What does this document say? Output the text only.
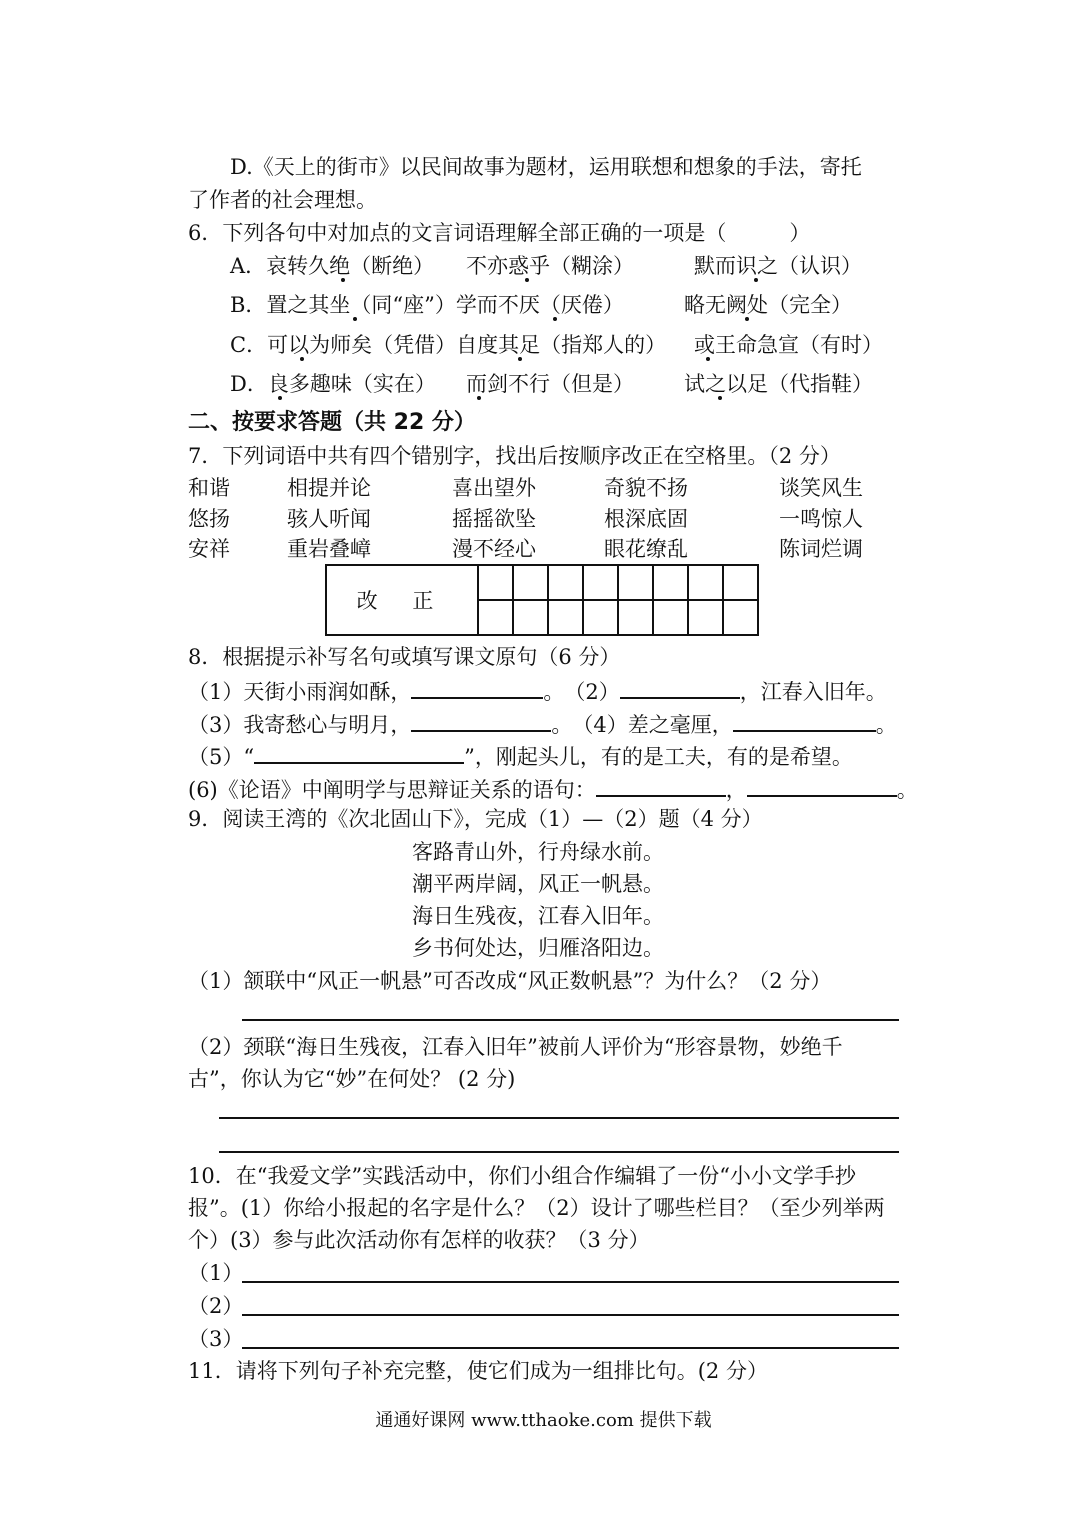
D.《天上的街市》以民间故事为题材，运用联想和想象的手法，寄托
了作者的社会理想。
6．下列各句中对加点的文言词语理解全部正确的一项是（　　　）
A．哀转久绝（断绝） 不亦惑乎（糊涂）	默而识之（认识）
B．置之其坐（同“座”）学而不厌（厌倦）	略无阙处（完全）
C．可以为师矣（凭借）自度其足（指郑人的） 或王命急宣（有时）
D．良多趣味（实在） 而剑不行（但是） 试之以足（代指鞋）
二、按要求答题（共 22 分）
7．下列词语中共有四个错别字，找出后按顺序改正在空格里。（2 分）
和谐	相提并论	喜出望外	奇貌不扬	谈笑风生
悠扬	骇人听闻	摇摇欲坠	根深底固	一鸣惊人
安祥	重岩叠嶂	漫不经心	眼花缭乱	陈词烂调
改 正								

8．根据提示补写名句或填写课文原句（6 分）
（1）天街小雨润如酥，	。　（2）	，江春入旧年。
（3）我寄愁心与明月，	。　（4）差之毫厘，	。
（5）“	”，刚起头儿，有的是工夫，有的是希望。
(6)《论语》中阐明学与思辩证关系的语句：	，	。
9．阅读王湾的《次北固山下》，完成（1）—（2）题（4 分）
客路青山外，行舟绿水前。
潮平两岸阔，风正一帆悬。
海日生残夜，江春入旧年。
乡书何处达，归雁洛阳边。
（1）颔联中“风正一帆悬”可否改成“风正数帆悬”？为什么？（2 分）
（2）颈联“海日生残夜，江春入旧年”被前人评价为“形容景物，妙绝千
古”，你认为它“妙”在何处？ (2 分)
10．在“我爱文学”实践活动中，你们小组合作编辑了一份“小小文学手抄
报”。(1）你给小报起的名字是什么？（2）设计了哪些栏目？（至少列举两
个）(3）参与此次活动你有怎样的收获？（3 分）
（1）
（2）
（3）
11．请将下列句子补充完整，使它们成为一组排比句。(2 分）
通通好课网 www.tthaoke.com 提供下载
